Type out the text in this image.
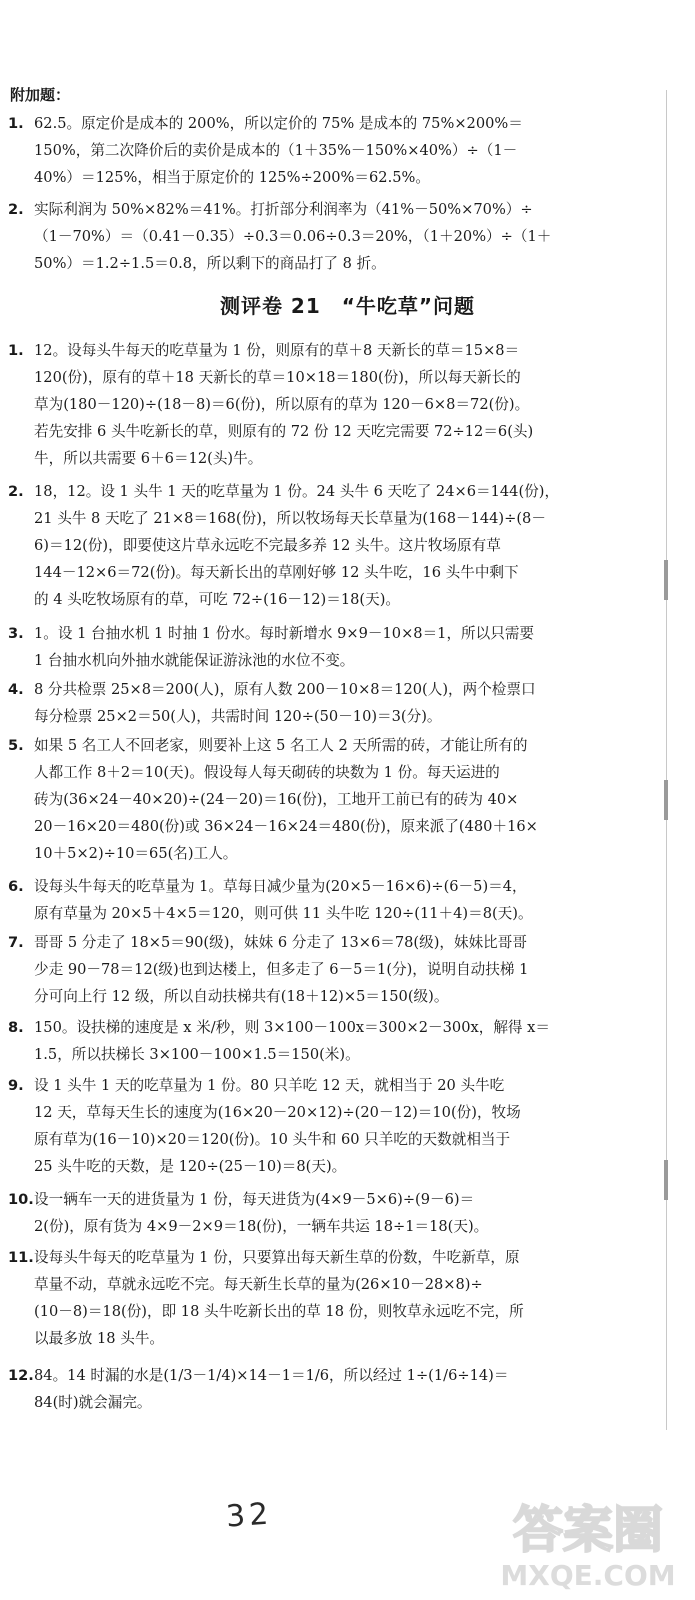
附加题：
1. 62.5。原定价是成本的 200%，所以定价的 75% 是成本的 75%×200%＝
150%，第二次降价后的卖价是成本的（1＋35%－150%×40%）÷（1－
40%）＝125%，相当于原定价的 125%÷200%＝62.5%。
2. 实际利润为 50%×82%＝41%。打折部分利润率为（41%－50%×70%）÷
（1－70%）＝（0.41－0.35）÷0.3＝0.06÷0.3＝20%，（1＋20%）÷（1＋
50%）＝1.2÷1.5＝0.8，所以剩下的商品打了 8 折。
测评卷 21　“牛吃草”问题
1. 12。设每头牛每天的吃草量为 1 份，则原有的草＋8 天新长的草＝15×8＝
120(份)，原有的草＋18 天新长的草＝10×18＝180(份)，所以每天新长的
草为(180－120)÷(18－8)＝6(份)，所以原有的草为 120－6×8＝72(份)。
若先安排 6 头牛吃新长的草，则原有的 72 份 12 天吃完需要 72÷12＝6(头)
牛，所以共需要 6＋6＝12(头)牛。
2. 18，12。设 1 头牛 1 天的吃草量为 1 份。24 头牛 6 天吃了 24×6＝144(份)，
21 头牛 8 天吃了 21×8＝168(份)，所以牧场每天长草量为(168－144)÷(8－
6)＝12(份)，即要使这片草永远吃不完最多养 12 头牛。这片牧场原有草
144－12×6＝72(份)。每天新长出的草刚好够 12 头牛吃，16 头牛中剩下
的 4 头吃牧场原有的草，可吃 72÷(16－12)＝18(天)。
3. 1。设 1 台抽水机 1 时抽 1 份水。每时新增水 9×9－10×8＝1，所以只需要
1 台抽水机向外抽水就能保证游泳池的水位不变。
4. 8 分共检票 25×8＝200(人)，原有人数 200－10×8＝120(人)，两个检票口
每分检票 25×2＝50(人)，共需时间 120÷(50－10)＝3(分)。
5. 如果 5 名工人不回老家，则要补上这 5 名工人 2 天所需的砖，才能让所有的
人都工作 8＋2＝10(天)。假设每人每天砌砖的块数为 1 份。每天运进的
砖为(36×24－40×20)÷(24－20)＝16(份)，工地开工前已有的砖为 40×
20－16×20＝480(份)或 36×24－16×24＝480(份)，原来派了(480＋16×
10＋5×2)÷10＝65(名)工人。
6. 设每头牛每天的吃草量为 1。草每日减少量为(20×5－16×6)÷(6－5)＝4，
原有草量为 20×5＋4×5＝120，则可供 11 头牛吃 120÷(11＋4)＝8(天)。
7. 哥哥 5 分走了 18×5＝90(级)，妹妹 6 分走了 13×6＝78(级)，妹妹比哥哥
少走 90－78＝12(级)也到达楼上，但多走了 6－5＝1(分)，说明自动扶梯 1
分可向上行 12 级，所以自动扶梯共有(18＋12)×5＝150(级)。
8. 150。设扶梯的速度是 x 米/秒，则 3×100－100x＝300×2－300x，解得 x＝
1.5，所以扶梯长 3×100－100×1.5＝150(米)。
9. 设 1 头牛 1 天的吃草量为 1 份。80 只羊吃 12 天，就相当于 20 头牛吃
12 天，草每天生长的速度为(16×20－20×12)÷(20－12)＝10(份)，牧场
原有草为(16－10)×20＝120(份)。10 头牛和 60 只羊吃的天数就相当于
25 头牛吃的天数，是 120÷(25－10)＝8(天)。
10. 设一辆车一天的进货量为 1 份，每天进货为(4×9－5×6)÷(9－6)＝
2(份)，原有货为 4×9－2×9＝18(份)，一辆车共运 18÷1＝18(天)。
11. 设每头牛每天的吃草量为 1 份，只要算出每天新生草的份数，牛吃新草，原
草量不动，草就永远吃不完。每天新生长草的量为(26×10－28×8)÷
(10－8)＝18(份)，即 18 头牛吃新长出的草 18 份，则牧草永远吃不完，所
以最多放 18 头牛。
12. 84。14 时漏的水是(1/3－1/4)×14－1＝1/6，所以经过 1÷(1/6÷14)＝
84(时)就会漏完。
32	答案圈
MXQE.COM
